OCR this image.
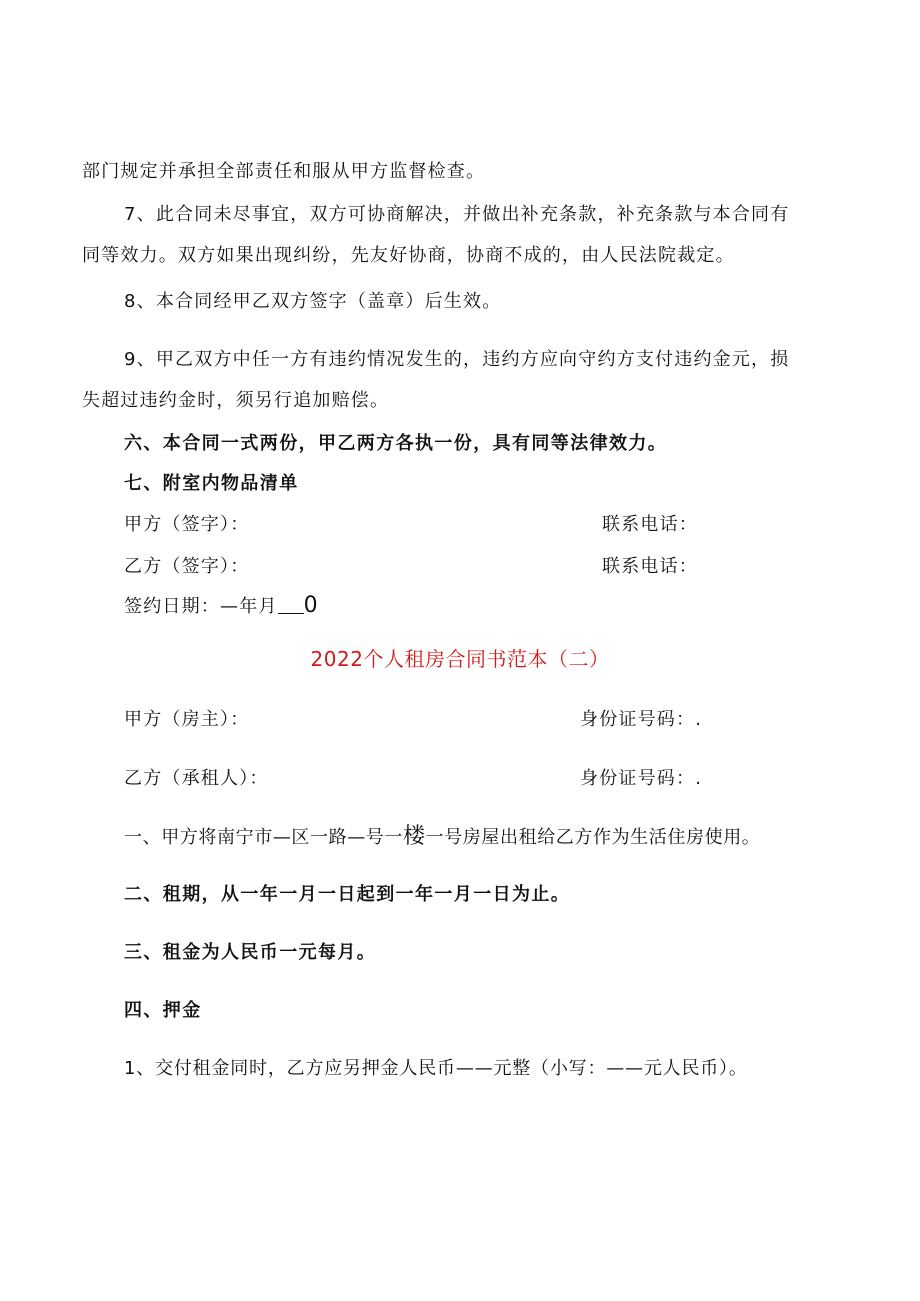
部门规定并承担全部责任和服从甲方监督检查。
7、此合同未尽事宜，双方可协商解决，并做出补充条款，补充条款与本合同有
同等效力。双方如果出现纠纷，先友好协商，协商不成的，由人民法院裁定。
8、本合同经甲乙双方签字（盖章）后生效。
9、甲乙双方中任一方有违约情况发生的，违约方应向守约方支付违约金元，损
失超过违约金时，须另行追加赔偿。
六、本合同一式两份，甲乙两方各执一份，具有同等法律效力。
七、附室内物品清单
甲方（签字）：	联系电话：
乙方（签字）：	联系电话：
签约日期：—年月 0
2022个人租房合同书范本（二）
甲方（房主）：	身份证号码：.
乙方（承租人）：	身份证号码：.
一、甲方将南宁市—区一路—号一楼一号房屋出租给乙方作为生活住房使用。
二、租期，从一年一月一日起到一年一月一日为止。
三、租金为人民币一元每月。
四、押金
1、交付租金同时，乙方应另押金人民币——元整（小写：——元人民币）。
